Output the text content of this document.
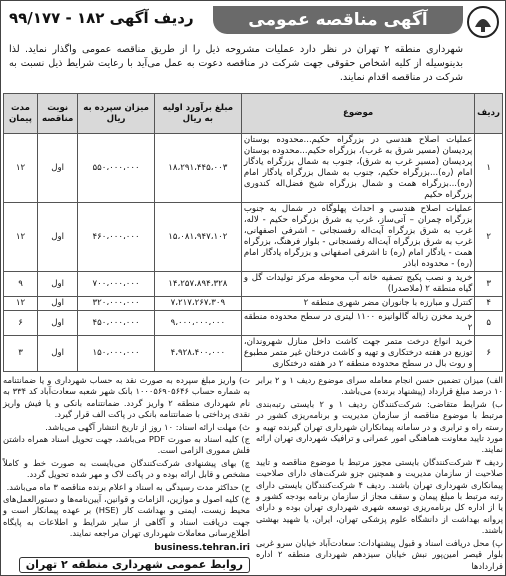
آگهی مناقصه عمومی
ردیف آگهی ۱۸۲ - ۹۹/۱۷۷
شهرداری منطقه ۲ تهران در نظر دارد عملیات مشروحه ذیل را از طریق مناقصه عمومی واگذار نماید. لذا بدینوسیله از کلیه اشخاص حقوقی جهت شرکت در مناقصه دعوت به عمل می‌آید با رعایت شرایط ذیل نسبت به شرکت در مناقصه اقدام نمایند.
ردیف	موضوع	مبلغ برآورد اولیه به ریال	میزان سپرده به ریال	نوبت مناقصه	مدت پیمان
۱	عملیات اصلاح هندسی در بزرگراه حکیم...محدوده بوستان پردیسان (مسیر شرق به غرب)، بزرگراه حکیم...محدوده بوستان پردیسان (مسیر غرب به شرق)، جنوب به شمال بزرگراه یادگار امام (ره)...بزرگراه حکیم، جنوب به شمال بزرگراه یادگار امام (ره)...بزرگراه همت و شمال بزرگراه شیخ فضل‌اله کندوری بزرگراه حکیم	۱۸،۲۹۱،۴۴۵،۰۰۳	۵۵۰،۰۰۰،۰۰۰	اول	۱۲
۲	عملیات اصلاح هندسی و احداث پهلوگاه در شمال به جنوب بزرگراه چمران – آتی‌ساز، غرب به شرق بزرگراه حکیم - لاله، غرب به شرق بزرگراه آیت‌اله رفسنجانی - اشرفی اصفهانی، غرب به شرق بزرگراه آیت‌اله رفسنجانی - بلوار فرهنگ، بزرگراه همت - یادگار امام (ره) تا اشرفی اصفهانی و بزرگراه یادگار امام (ره) - محدوده اباذر	۱۵،۰۸۱،۹۴۷،۱۰۲	۴۶۰،۰۰۰،۰۰۰	اول	۱۲
۳	خرید و نصب پکیج تصفیه خانه آب محوطه مرکز تولیدات گل و گیاه منطقه ۲ (ملاصدرا)	۱۴،۲۵۷،۸۹۴،۳۲۸	۷۰۰،۰۰۰،۰۰۰	اول	۹
۴	کنترل و مبارزه با جانوران مضر شهری منطقه ۲	۷،۲۱۷،۲۶۷،۳۰۹	۳۲۰،۰۰۰،۰۰۰	اول	۱۲
۵	خرید مخزن زباله گالوانیزه ۱۱۰۰ لیتری در سطح محدوده منطقه ۲	۹،۰۰۰،۰۰۰،۰۰۰	۴۵۰،۰۰۰،۰۰۰	اول	۶
۶	خرید انواع درخت متمر جهت کاشت داخل منازل شهروندان، توزیع در هفته درختکاری و تهیه و کاشت درختان غیر متمر مطبوع و روت بال در سطح محدوده منطقه ۲ در هفته درختکاری	۴،۹۲۸،۴۰۰،۰۰۰	۱۵۰،۰۰۰،۰۰۰	اول	۳

الف) میزان تضمین حسن انجام معامله سرای موضوع ردیف ۱ و ۲ برابر ۱۰ درصد مبلغ قرارداد (پیشنهاد برنده) می‌باشد.

ب) شرایط متقاضی: شرکت‌کنندگان ردیف ۱ و ۲ بایستی رتبه‌بندی مرتبط با موضوع مناقصه از سازمان مدیریت و برنامه‌ریزی کشور در رسته راه و ترابری و در سامانه پیمانکاران شهرداری تهران گیرنده تهیه و مورد تایید معاونت هماهنگی امور عمرانی و ترافیک شهرداری تهران ارائه نمایند.

ردیف ۳ شرکت‌کنندگان بایستی مجوز مرتبط با موضوع مناقصه و تایید صلاحیت از سازمان مدیریت و همچنین جزو شرکت‌های دارای صلاحیت پیمانکاری شهرداری تهران باشند. ردیف ۴ شرکت‌کنندگان بایستی دارای رتبه مرتبط با مبلغ پیمان و سقف مجاز از سازمان برنامه بودجه کشور و یا از اداره کل برنامه‌ریزی توسعه شهری شهرداری تهران بوده و دارای پروانه بهداشت از دانشگاه علوم پزشکی تهران، ایران، یا شهید بهشتی باشند.

پ) محل دریافت اسناد و قبول پیشنهادات: سعادت‌آباد خیابان سرو غربی بلوار قیصر امین‌پور نبش خیابان سیزدهم شهرداری منطقه ۲ اداره قراردادها

ت) واریز مبلغ سپرده به صورت نقد به حساب شهرداری و یا ضمانتنامه به شماره حساب ۱۰۰۰۵۶۹۰۵۶۴۶ بانک شهر شعبه سعادت‌آباد کد ۳۳۴ به نام شهرداری منطقه ۲ واریز گردد. ضمانتنامه بانکی و یا فیش واریز نقدی پرداختی با ضمانتنامه بانکی در پاکت الف قرار گیرد.

ث) مهلت ارائه اسناد: ۱۰ روز از تاریخ انتشار آگهی می‌باشد.

ج) کلیه اسناد به صورت PDF می‌باشد، جهت تحویل اسناد همراه داشتن فلش مموری الزامی است.

چ) بهای پیشنهادی شرکت‌کنندگان می‌بایست به صورت خط و کاملاً مشخص و قابل ارائه بوده و در پاکت لاک و مهر شده تحویل گردد.

ح) حداکثر مدت رسیدگی به اسناد و اعلام برنده مناقصه ۳ ماه می‌باشد.

خ) کلیه اصول و موازین، الزامات و قوانین، آیین‌نامه‌ها و دستورالعمل‌های محیط زیست، ایمنی و بهداشت کار (HSE) بر عهده پیمانکار است و جهت دریافت اسناد و آگاهی از سایر شرایط و اطلاعات به پایگاه اطلاع‌رسانی معاملات شهرداری تهران مراجعه نمایند.

business.tehran.iri
روابط عمومی شهرداری منطقه ۲ تهران
